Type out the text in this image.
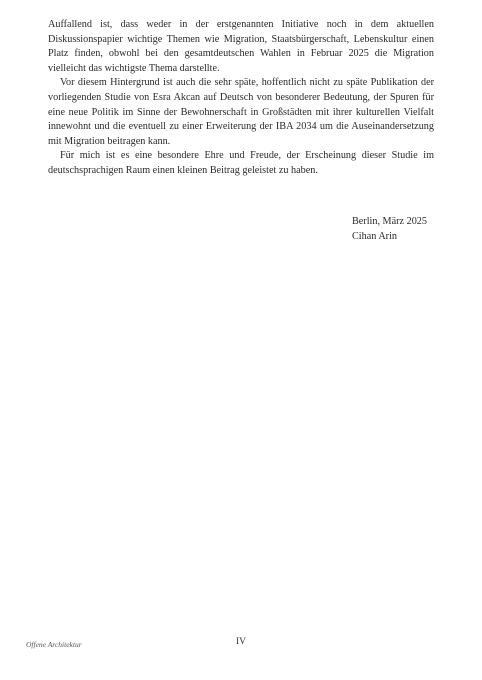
Auffallend ist, dass weder in der erstgenannten Initiative noch in dem aktuellen Diskussionspapier wichtige Themen wie Migration, Staatsbürgerschaft, Lebenskultur einen Platz finden, obwohl bei den gesamtdeutschen Wahlen in Februar 2025 die Migration vielleicht das wichtigste Thema darstellte.

Vor diesem Hintergrund ist auch die sehr späte, hoffentlich nicht zu späte Publikation der vorliegenden Studie von Esra Akcan auf Deutsch von besonderer Bedeutung, der Spuren für eine neue Politik im Sinne der Bewohnerschaft in Großstädten mit ihrer kulturellen Vielfalt innewohnt und die eventuell zu einer Erweiterung der IBA 2034 um die Auseinandersetzung mit Migration beitragen kann.

Für mich ist es eine besondere Ehre und Freude, der Erscheinung dieser Studie im deutschsprachigen Raum einen kleinen Beitrag geleistet zu haben.

Berlin, März 2025
Cihan Arin
Offene Architektur	IV
